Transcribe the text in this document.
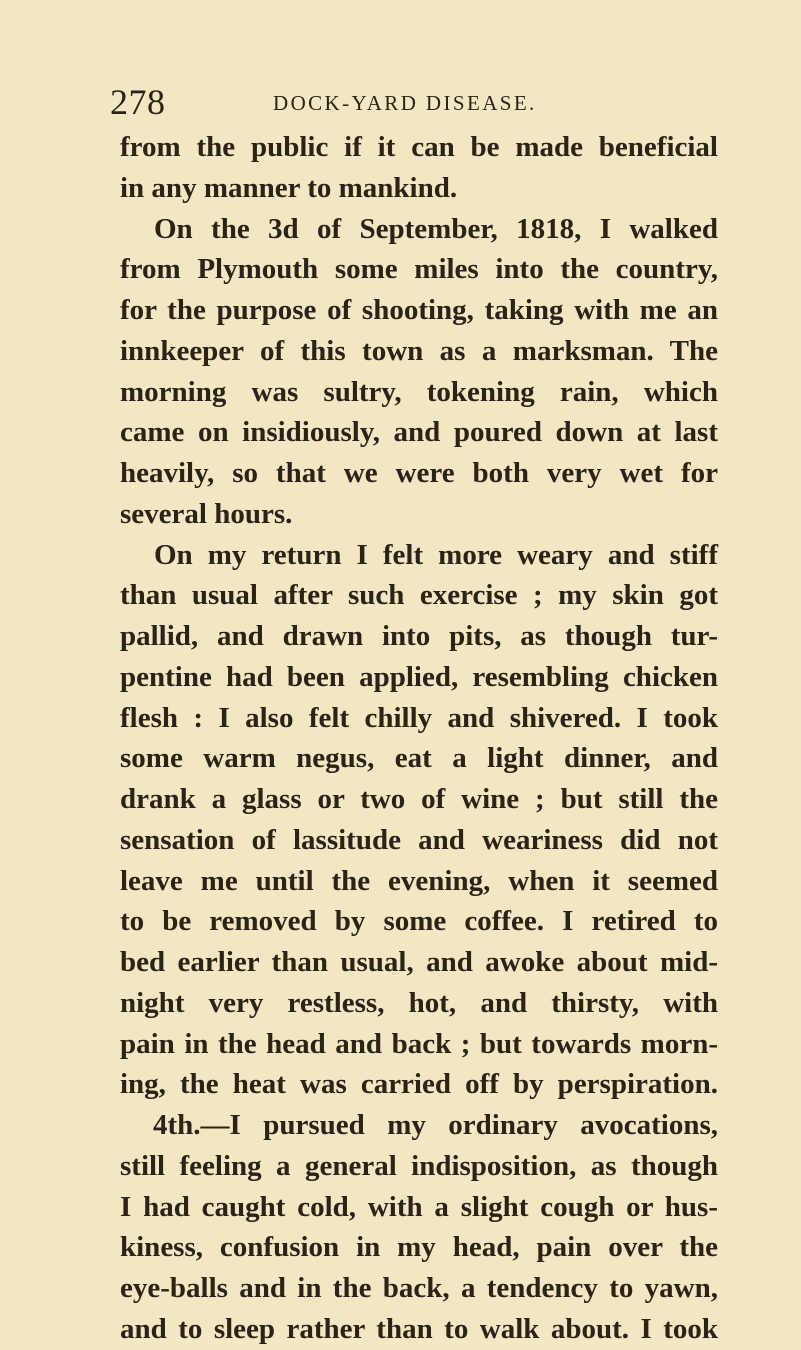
278	DOCK-YARD DISEASE.
from the public if it can be made beneficial
in any manner to mankind.
On the 3d of September, 1818, I walked
from Plymouth some miles into the country,
for the purpose of shooting, taking with me an
innkeeper of this town as a marksman. The
morning was sultry, tokening rain, which
came on insidiously, and poured down at last
heavily, so that we were both very wet for
several hours.
On my return I felt more weary and stiff
than usual after such exercise ; my skin got
pallid, and drawn into pits, as though tur-
pentine had been applied, resembling chicken
flesh : I also felt chilly and shivered. I took
some warm negus, eat a light dinner, and
drank a glass or two of wine ; but still the
sensation of lassitude and weariness did not
leave me until the evening, when it seemed
to be removed by some coffee. I retired to
bed earlier than usual, and awoke about mid-
night very restless, hot, and thirsty, with
pain in the head and back ; but towards morn-
ing, the heat was carried off by perspiration.
4th.—I pursued my ordinary avocations,
still feeling a general indisposition, as though
I had caught cold, with a slight cough or hus-
kiness, confusion in my head, pain over the
eye-balls and in the back, a tendency to yawn,
and to sleep rather than to walk about. I took
